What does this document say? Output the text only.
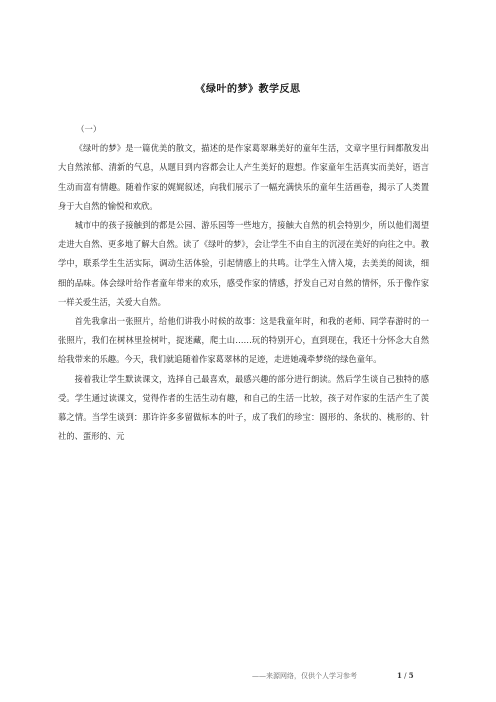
《绿叶的梦》教学反思

（一）

《绿叶的梦》是一篇优美的散文，描述的是作家葛翠琳美好的童年生活，文章字里行间都散发出大自然浓郁、清新的气息，从题目到内容都会让人产生美好的遐想。作家童年生活真实而美好，语言生动而富有情趣。随着作家的娓娓叙述，向我们展示了一幅充满快乐的童年生活画卷，揭示了人类置身于大自然的愉悦和欢欣。

城市中的孩子接触到的都是公园、游乐园等一些地方，接触大自然的机会特别少，所以他们渴望走进大自然、更多地了解大自然。读了《绿叶的梦》，会让学生不由自主的沉浸在美好的向往之中。教学中，联系学生生活实际，调动生活体验，引起情感上的共鸣。让学生入情入境，去美美的阅读，细细的品味。体会绿叶给作者童年带来的欢乐，感受作家的情感，抒发自己对自然的情怀，乐于像作家一样关爱生活，关爱大自然。

首先我拿出一张照片，给他们讲我小时候的故事：这是我童年时，和我的老师、同学春游时的一张照片，我们在树林里捡树叶，捉迷藏，爬土山……玩的特别开心，直到现在，我还十分怀念大自然给我带来的乐趣。今天，我们就追随着作家葛翠林的足迹，走进她魂牵梦绕的绿色童年。

接着我让学生默读课文，选择自己最喜欢，最感兴趣的部分进行朗读。然后学生谈自己独特的感受。学生通过读课文，觉得作者的生活生动有趣，和自己的生活一比较，孩子对作家的生活产生了羡慕之情。当学生谈到：那许许多多留做标本的叶子，成了我们的珍宝：圆形的、条状的、桃形的、针社的、蛋形的、元

——来源网络，仅供个人学习参考	1 / 5
